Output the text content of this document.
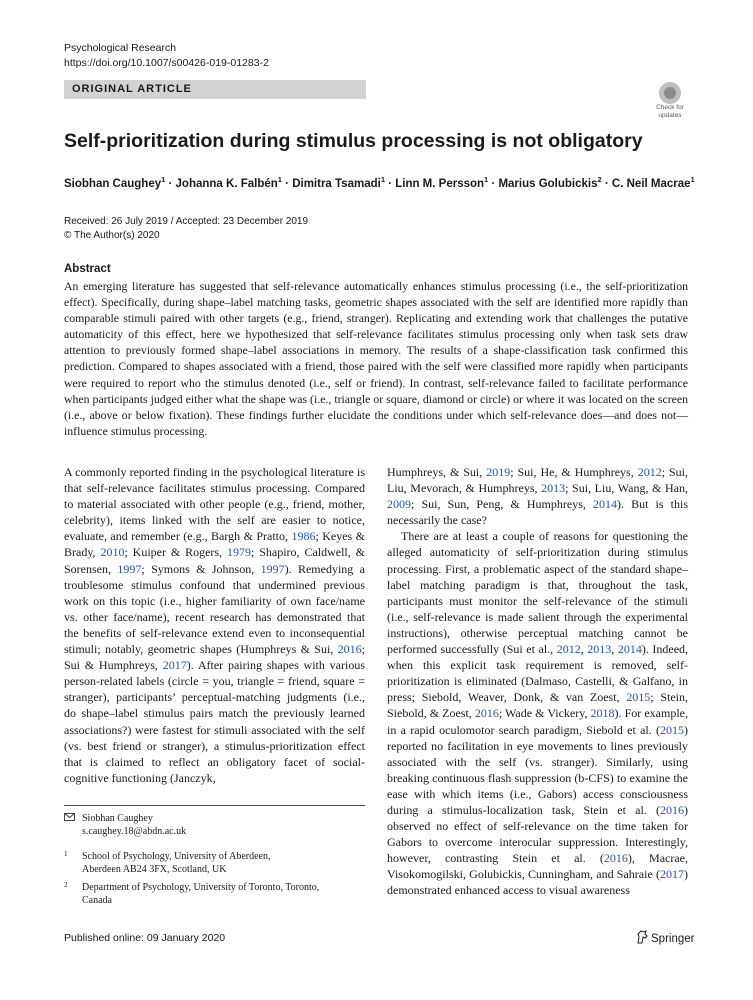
Psychological Research
https://doi.org/10.1007/s00426-019-01283-2
ORIGINAL ARTICLE
Check for
updates
Self-prioritization during stimulus processing is not obligatory
Siobhan Caughey$^1$ · Johanna K. Falbén$^1$ · Dimitra Tsamadi$^1$ · Linn M. Persson$^1$ · Marius Golubickis$^2$ · C. Neil Macrae$^1$
Received: 26 July 2019 / Accepted: 23 December 2019
© The Author(s) 2020
Abstract
An emerging literature has suggested that self-relevance automatically enhances stimulus processing (i.e., the self-prioritization effect). Specifically, during shape–label matching tasks, geometric shapes associated with the self are identified more rapidly than comparable stimuli paired with other targets (e.g., friend, stranger). Replicating and extending work that challenges the putative automaticity of this effect, here we hypothesized that self-relevance facilitates stimulus processing only when task sets draw attention to previously formed shape–label associations in memory. The results of a shape-classification task confirmed this prediction. Compared to shapes associated with a friend, those paired with the self were classified more rapidly when participants were required to report who the stimulus denoted (i.e., self or friend). In contrast, self-relevance failed to facilitate performance when participants judged either what the shape was (i.e., triangle or square, diamond or circle) or where it was located on the screen (i.e., above or below fixation). These findings further elucidate the conditions under which self-relevance does—and does not—influence stimulus processing.

A commonly reported finding in the psychological literature is that self-relevance facilitates stimulus processing. Compared to material associated with other people (e.g., friend, mother, celebrity), items linked with the self are easier to notice, evaluate, and remember (e.g., Bargh & Pratto, 1986; Keyes & Brady, 2010; Kuiper & Rogers, 1979; Shapiro, Caldwell, & Sorensen, 1997; Symons & Johnson, 1997). Remedying a troublesome stimulus confound that undermined previous work on this topic (i.e., higher familiarity of own face/name vs. other face/name), recent research has demonstrated that the benefits of self-relevance extend even to inconsequential stimuli; notably, geometric shapes (Humphreys & Sui, 2016; Sui & Humphreys, 2017). After pairing shapes with various person-related labels (circle = you, triangle = friend, square = stranger), participants’ perceptual-matching judgments (i.e., do shape–label stimulus pairs match the previously learned associations?) were fastest for stimuli associated with the self (vs. best friend or stranger), a stimulus-prioritization effect that is claimed to reflect an obligatory facet of social-cognitive functioning (Janczyk,

Humphreys, & Sui, 2019; Sui, He, & Humphreys, 2012; Sui, Liu, Mevorach, & Humphreys, 2013; Sui, Liu, Wang, & Han, 2009; Sui, Sun, Peng, & Humphreys, 2014). But is this necessarily the case?

There are at least a couple of reasons for questioning the alleged automaticity of self-prioritization during stimulus processing. First, a problematic aspect of the standard shape–label matching paradigm is that, throughout the task, participants must monitor the self-relevance of the stimuli (i.e., self-relevance is made salient through the experimental instructions), otherwise perceptual matching cannot be performed successfully (Sui et al., 2012, 2013, 2014). Indeed, when this explicit task requirement is removed, self-prioritization is eliminated (Dalmaso, Castelli, & Galfano, in press; Siebold, Weaver, Donk, & van Zoest, 2015; Stein, Siebold, & Zoest, 2016; Wade & Vickery, 2018). For example, in a rapid oculomotor search paradigm, Siebold et al. (2015) reported no facilitation in eye movements to lines previously associated with the self (vs. stranger). Similarly, using breaking continuous flash suppression (b-CFS) to examine the ease with which items (i.e., Gabors) access consciousness during a stimulus-localization task, Stein et al. (2016) observed no effect of self-relevance on the time taken for Gabors to overcome interocular suppression. Interestingly, however, contrasting Stein et al. (2016), Macrae, Visokomogilski, Golubickis, Cunningham, and Sahraie (2017) demonstrated enhanced access to visual awareness

Siobhan Caughey
s.caughey.18@abdn.ac.uk
1 School of Psychology, University of Aberdeen,
Aberdeen AB24 3FX, Scotland, UK
2 Department of Psychology, University of Toronto, Toronto,
Canada
Published online: 09 January 2020	Springer
